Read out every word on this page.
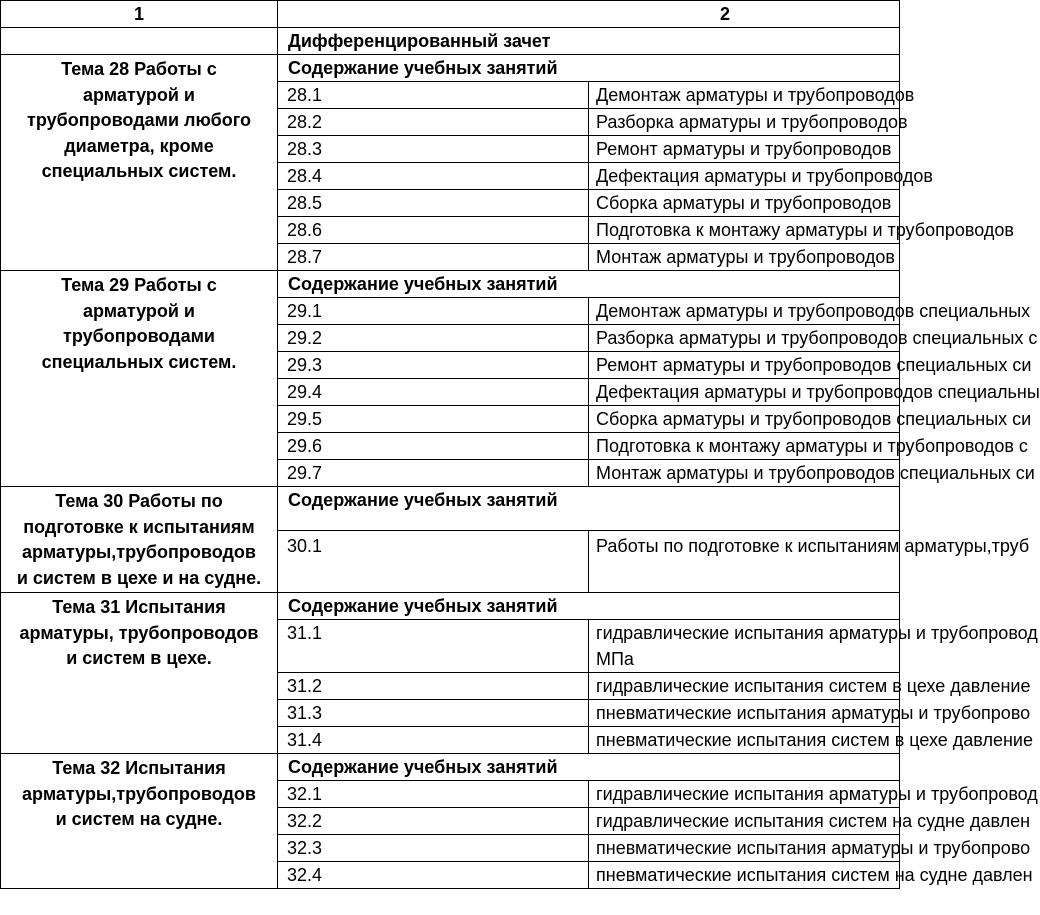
1	2	
	Дифференцированный зачет	

Тема 28 Работы с арматурой и трубопроводами любого диаметра, кроме специальных систем.	Содержание учебных занятий	
	28.1	Демонтаж арматуры и трубопроводов
	28.2	Разборка арматуры и трубопроводов
	28.3	Ремонт арматуры и трубопроводов
	28.4	Дефектация арматуры и трубопроводов
	28.5	Сборка арматуры и трубопроводов
	28.6	Подготовка к монтажу арматуры и трубопроводов
	28.7	Монтаж арматуры и трубопроводов

Тема 29 Работы с арматурой и трубопроводами специальных систем.	Содержание учебных занятий	
	29.1	Демонтаж арматуры и трубопроводов специальных
	29.2	Разборка арматуры и трубопроводов специальных с
	29.3	Ремонт арматуры и трубопроводов специальных си
	29.4	Дефектация арматуры и трубопроводов специальны
	29.5	Сборка арматуры и трубопроводов специальных си
	29.6	Подготовка к монтажу арматуры и трубопроводов с
	29.7	Монтаж арматуры и трубопроводов специальных си

Тема 30 Работы по подготовке к испытаниям арматуры,трубопроводов и систем в цехе и на судне.	Содержание учебных занятий	
	30.1	Работы по подготовке к испытаниям арматуры,труб

Тема 31 Испытания арматуры, трубопроводов и систем в цехе.	Содержание учебных занятий	
	31.1	гидравлические испытания арматуры и трубопровод
МПа

	31.2	гидравлические испытания систем в цехе давление
	31.3	пневматические испытания арматуры и трубопрово
	31.4	пневматические испытания систем в цехе давление

Тема 32 Испытания арматуры,трубопроводов и систем на судне.	Содержание учебных занятий	
	32.1	гидравлические испытания арматуры и трубопровод
	32.2	гидравлические испытания систем на судне давлен
	32.3	пневматические испытания арматуры и трубопрово
	32.4	пневматические испытания систем на судне давлен
